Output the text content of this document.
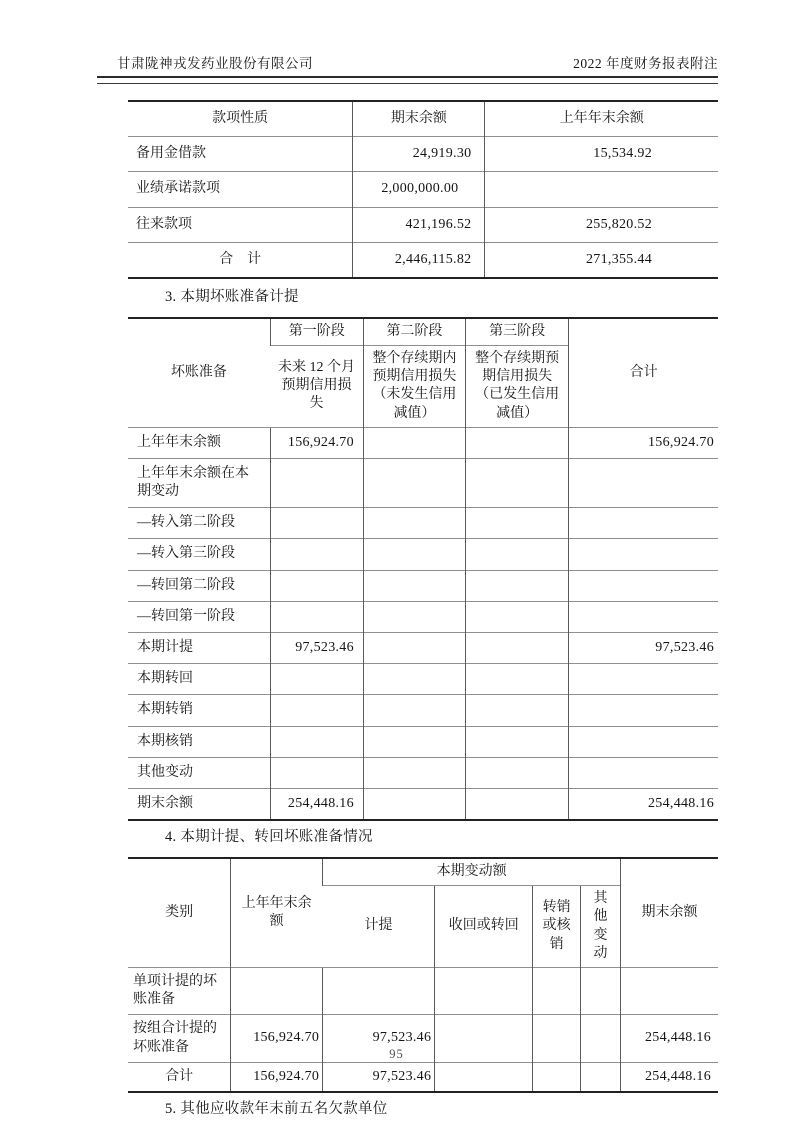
甘肃陇神戎发药业股份有限公司	2022 年度财务报表附注
款项性质	期末余额	上年年末余额
备用金借款	24,919.30	15,534.92
业绩承诺款项	2,000,000.00	
往来款项	421,196.52	255,820.52
合　计	2,446,115.82	271,355.44

3. 本期坏账准备计提

坏账准备	第一阶段	第二阶段	第三阶段	合计
	未来 12 个月预期信用损失	整个存续期内预期信用损失（未发生信用减值）	整个存续期预期信用损失（已发生信用减值）	
上年年末余额	156,924.70			156,924.70
上年年末余额在本期变动				
—转入第二阶段				
—转入第三阶段				
—转回第二阶段				
—转回第一阶段				
本期计提	97,523.46			97,523.46
本期转回				
本期转销				
本期核销				
其他变动				
期末余额	254,448.16			254,448.16

4. 本期计提、转回坏账准备情况

类别	上年年末余额	本期变动额				期末余额
		计提	收回或转回	转销或核销	其他变动	

单项计提的坏账准备						
按组合计提的坏账准备	156,924.70	97,523.46				254,448.16
合计	156,924.70	97,523.46				254,448.16

5. 其他应收款年末前五名欠款单位

95
